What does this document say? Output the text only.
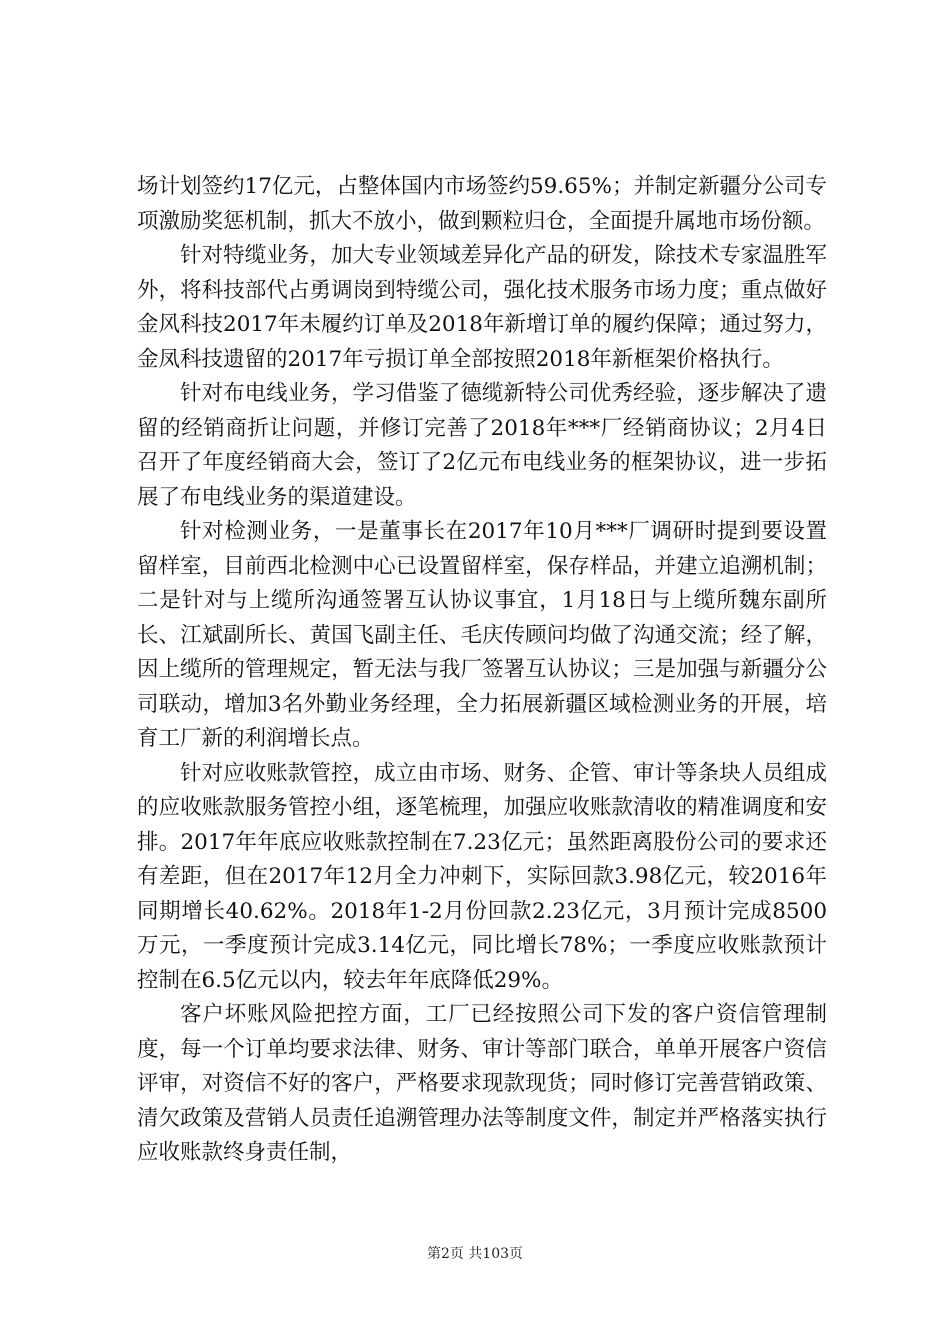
场计划签约17亿元，占整体国内市场签约59.65%；并制定新疆分公司专项激励奖惩机制，抓大不放小，做到颗粒归仓，全面提升属地市场份额。

针对特缆业务，加大专业领域差异化产品的研发，除技术专家温胜军外，将科技部代占勇调岗到特缆公司，强化技术服务市场力度；重点做好金风科技2017年未履约订单及2018年新增订单的履约保障；通过努力，金凤科技遗留的2017年亏损订单全部按照2018年新框架价格执行。

针对布电线业务，学习借鉴了德缆新特公司优秀经验，逐步解决了遗留的经销商折让问题，并修订完善了2018年***厂经销商协议；2月4日召开了年度经销商大会，签订了2亿元布电线业务的框架协议，进一步拓展了布电线业务的渠道建设。

针对检测业务，一是董事长在2017年10月***厂调研时提到要设置留样室，目前西北检测中心已设置留样室，保存样品，并建立追溯机制；二是针对与上缆所沟通签署互认协议事宜，1月18日与上缆所魏东副所长、江斌副所长、黄国飞副主任、毛庆传顾问均做了沟通交流；经了解，因上缆所的管理规定，暂无法与我厂签署互认协议；三是加强与新疆分公司联动，增加3名外勤业务经理，全力拓展新疆区域检测业务的开展，培育工厂新的利润增长点。

针对应收账款管控，成立由市场、财务、企管、审计等条块人员组成的应收账款服务管控小组，逐笔梳理，加强应收账款清收的精准调度和安排。2017年年底应收账款控制在7.23亿元；虽然距离股份公司的要求还有差距，但在2017年12月全力冲刺下，实际回款3.98亿元，较2016年同期增长40.62%。2018年1-2月份回款2.23亿元，3月预计完成8500万元，一季度预计完成3.14亿元，同比增长78%；一季度应收账款预计控制在6.5亿元以内，较去年年底降低29%。

客户坏账风险把控方面，工厂已经按照公司下发的客户资信管理制度，每一个订单均要求法律、财务、审计等部门联合，单单开展客户资信评审，对资信不好的客户，严格要求现款现货；同时修订完善营销政策、清欠政策及营销人员责任追溯管理办法等制度文件，制定并严格落实执行应收账款终身责任制，

第2页 共103页
